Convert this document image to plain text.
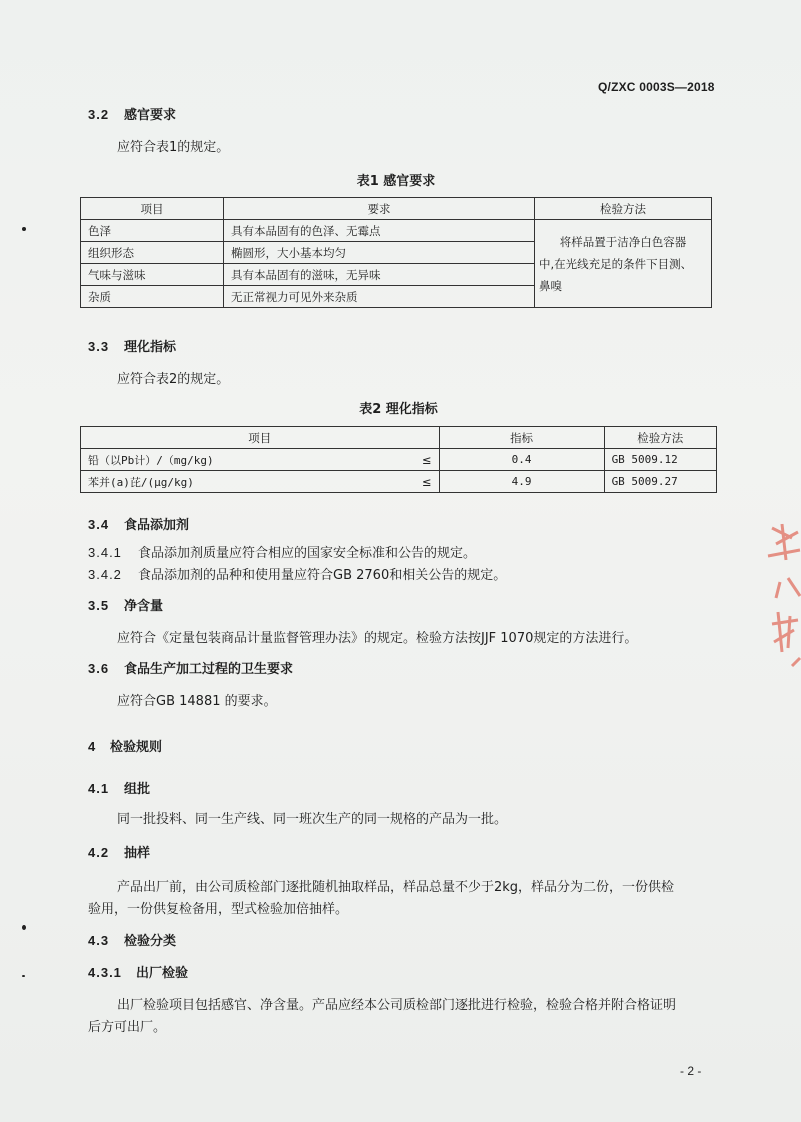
Q/ZXC 0003S—2018
3.2 感官要求
应符合表1的规定。
表1 感官要求
项目	要求	检验方法
色泽	具有本品固有的色泽、无霉点	将样品置于洁净白色容器
中,在光线充足的条件下目测、
鼻嗅

组织形态	椭圆形，大小基本均匀	
气味与滋味	具有本品固有的滋味，无异味	
杂质	无正常视力可见外来杂质	
3.3 理化指标
应符合表2的规定。
表2 理化指标
项目		指标	检验方法
铅（以Pb计）/（mg/kg)	≤	0.4	GB 5009.12
苯并(a)芘/(μg/kg)	≤	4.9	GB 5009.27
3.4 食品添加剂
3.4.1 食品添加剂质量应符合相应的国家安全标准和公告的规定。
3.4.2 食品添加剂的品种和使用量应符合GB 2760和相关公告的规定。
3.5 净含量
应符合《定量包装商品计量监督管理办法》的规定。检验方法按JJF 1070规定的方法进行。
3.6 食品生产加工过程的卫生要求
应符合GB 14881 的要求。
4 检验规则
4.1 组批
同一批投料、同一生产线、同一班次生产的同一规格的产品为一批。
4.2 抽样
产品出厂前，由公司质检部门逐批随机抽取样品，样品总量不少于2kg，样品分为二份，一份供检
验用，一份供复检备用，型式检验加倍抽样。
4.3 检验分类
4.3.1 出厂检验
出厂检验项目包括感官、净含量。产品应经本公司质检部门逐批进行检验，检验合格并附合格证明
后方可出厂。
- 2 -
